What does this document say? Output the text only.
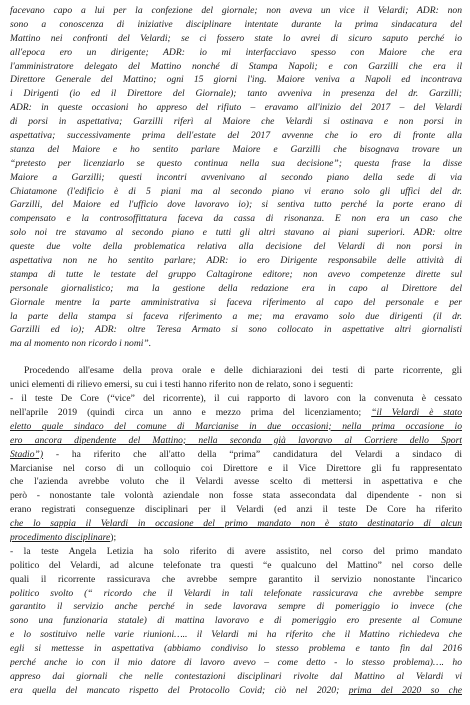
facevano capo a lui per la confezione del giornale; non aveva un vice il Velardi; ADR: non
sono a conoscenza di iniziative disciplinare intentate durante la prima sindacatura del
Mattino nei confronti del Velardi; se ci fossero state lo avrei di sicuro saputo perché io
all'epoca ero un dirigente; ADR: io mi interfacciavo spesso con Maiore che era
l'amministratore delegato del Mattino nonché di Stampa Napoli; e con Garzilli che era il
Direttore Generale del Mattino; ogni 15 giorni l'ing. Maiore veniva a Napoli ed incontrava
i Dirigenti (io ed il Direttore del Giornale); tanto avveniva in presenza del dr. Garzilli;
ADR: in queste occasioni ho appreso del rifiuto – eravamo all'inizio del 2017 – del Velardi
di porsi in aspettativa; Garzilli riferì al Maiore che Velardi si ostinava e non porsi in
aspettativa; successivamente prima dell'estate del 2017 avvenne che io ero di fronte alla
stanza del Maiore e ho sentito parlare Maiore e Garzilli che bisognava trovare un
“pretesto per licenziarlo se questo continua nella sua decisione”; questa frase la disse
Maiore a Garzilli; questi incontri avvenivano al secondo piano della sede di via
Chiatamone (l'edificio è di 5 piani ma al secondo piano vi erano solo gli uffici del dr.
Garzilli, del Maiore ed l'ufficio dove lavoravo io); si sentiva tutto perché la porte erano di
compensato e la controsoffittatura faceva da cassa di risonanza. E non era un caso che
solo noi tre stavamo al secondo piano e tutti gli altri stavano ai piani superiori. ADR: oltre
queste due volte della problematica relativa alla decisione del Velardi di non porsi in
aspettativa non ne ho sentito parlare; ADR: io ero Dirigente responsabile delle attività di
stampa di tutte le testate del gruppo Caltagirone editore; non avevo competenze dirette sul
personale giornalistico; ma la gestione della redazione era in capo al Direttore del
Giornale mentre la parte amministrativa si faceva riferimento al capo del personale e per
la parte della stampa si faceva riferimento a me; ma eravamo solo due dirigenti (il dr.
Garzilli ed io); ADR: oltre Teresa Armato si sono collocato in aspettative altri giornalisti
ma al momento non ricordo i nomi”.
Procedendo all'esame della prova orale e delle dichiarazioni dei testi di parte ricorrente, gli
unici elementi di rilievo emersi, su cui i testi hanno riferito non de relato, sono i seguenti:
- il teste De Core (“vice” del ricorrente), il cui rapporto di lavoro con la convenuta è cessato
nell'aprile 2019 (quindi circa un anno e mezzo prima del licenziamento; “il Velardi è stato
eletto quale sindaco del comune di Marcianise in due occasioni; nella prima occasione io
ero ancora dipendente del Mattino; nella seconda già lavoravo al Corriere dello Sport
Stadio”) - ha riferito che all'atto della “prima” candidatura del Velardi a sindaco di
Marcianise nel corso di un colloquio coi Direttore e il Vice Direttore gli fu rappresentato
che l'azienda avrebbe voluto che il Velardi avesse scelto di mettersi in aspettativa e che
però - nonostante tale volontà aziendale non fosse stata assecondata dal dipendente - non si
erano registrati conseguenze disciplinari per il Velardi (ed anzi il teste De Core ha riferito
che lo sappia il Velardi in occasione del primo mandato non è stato destinatario di alcun
procedimento disciplinare);
- la teste Angela Letizia ha solo riferito di avere assistito, nel corso del primo mandato
politico del Velardi, ad alcune telefonate tra questi “e qualcuno del Mattino” nel corso delle
quali il ricorrente rassicurava che avrebbe sempre garantito il servizio nonostante l'incarico
politico svolto (“ ricordo che il Velardi in tali telefonate rassicurava che avrebbe sempre
garantito il servizio anche perché in sede lavorava sempre di pomeriggio io invece (che
sono una funzionaria statale) di mattina lavoravo e di pomeriggio ero presente al Comune
e lo sostituivo nelle varie riunioni….. il Velardi mi ha riferito che il Mattino richiedeva che
egli si mettesse in aspettativa (abbiamo condiviso lo stesso problema e tanto fin dal 2016
perché anche io con il mio datore di lavoro avevo – come detto - lo stesso problema)…. ho
appreso dai giornali che nelle contestazioni disciplinari rivolte dal Mattino al Velardi vi
era quella del mancato rispetto del Protocollo Covid; ciò nel 2020; prima del 2020 so che
